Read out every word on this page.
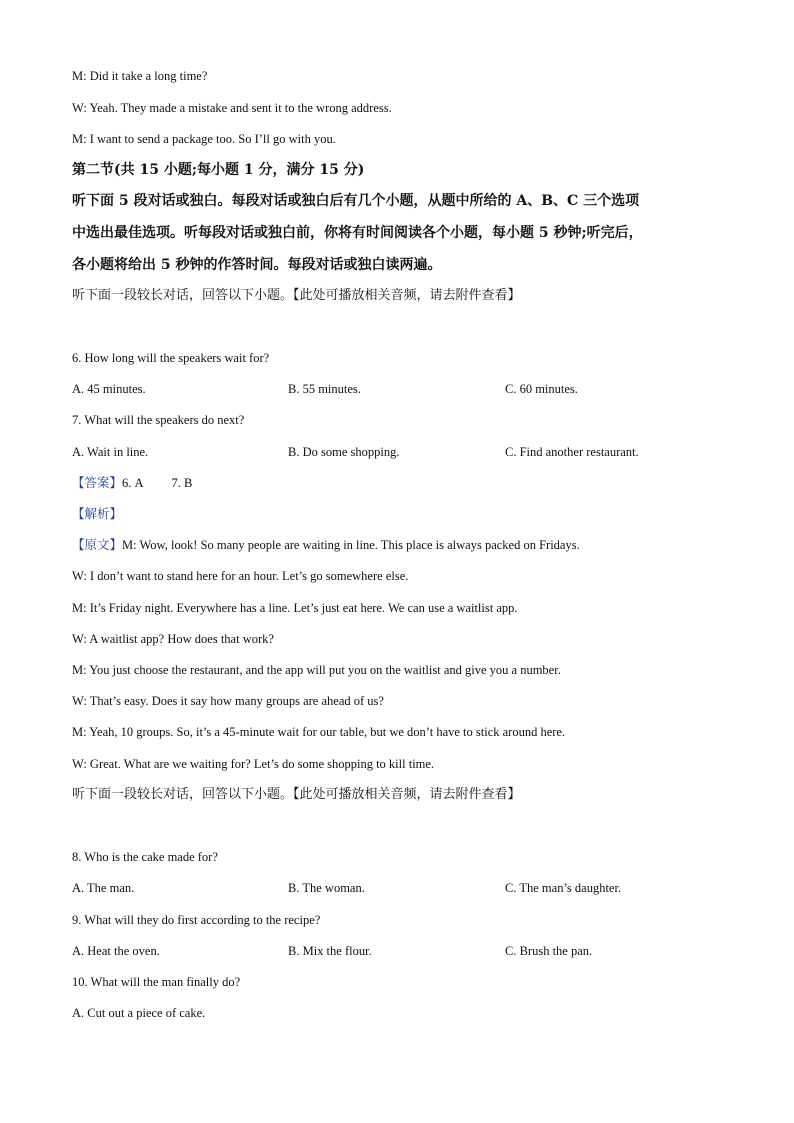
M: Did it take a long time?
W: Yeah. They made a mistake and sent it to the wrong address.
M: I want to send a package too. So I’ll go with you.
第二节(共 15 小题;每小题 1 分，满分 15 分)
听下面 5 段对话或独白。每段对话或独白后有几个小题，从题中所给的 A、B、C 三个选项
中选出最佳选项。听每段对话或独白前，你将有时间阅读各个小题，每小题 5 秒钟;听完后，
各小题将给出 5 秒钟的作答时间。每段对话或独白读两遍。
听下面一段较长对话，回答以下小题。【此处可播放相关音频，请去附件查看】
6. How long will the speakers wait for?
A. 45 minutes.	B. 55 minutes.	C. 60 minutes.
7. What will the speakers do next?
A. Wait in line.	B. Do some shopping.	C. Find another restaurant.
【答案】6. A 7. B
【解析】
【原文】M: Wow, look! So many people are waiting in line. This place is always packed on Fridays.
W: I don’t want to stand here for an hour. Let’s go somewhere else.
M: It’s Friday night. Everywhere has a line. Let’s just eat here. We can use a waitlist app.
W: A waitlist app? How does that work?
M: You just choose the restaurant, and the app will put you on the waitlist and give you a number.
W: That’s easy. Does it say how many groups are ahead of us?
M: Yeah, 10 groups. So, it’s a 45-minute wait for our table, but we don’t have to stick around here.
W: Great. What are we waiting for? Let’s do some shopping to kill time.
听下面一段较长对话，回答以下小题。【此处可播放相关音频，请去附件查看】
8. Who is the cake made for?
A. The man.	B. The woman.	C. The man’s daughter.
9. What will they do first according to the recipe?
A. Heat the oven.	B. Mix the flour.	C. Brush the pan.
10. What will the man finally do?
A. Cut out a piece of cake.
